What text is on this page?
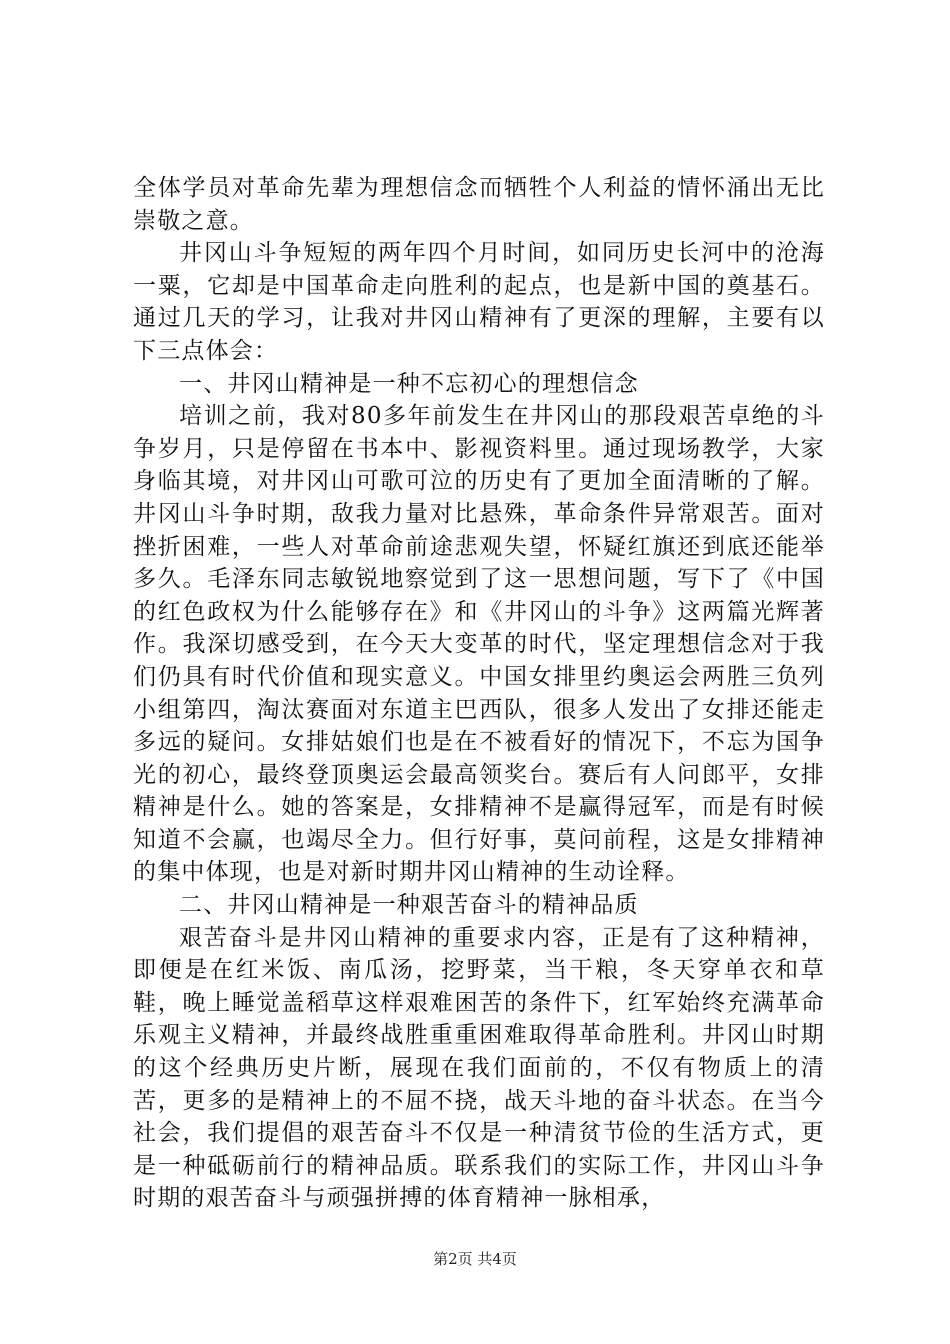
全体学员对革命先辈为理想信念而牺牲个人利益的情怀涌出无比崇敬之意。

井冈山斗争短短的两年四个月时间，如同历史长河中的沧海一粟，它却是中国革命走向胜利的起点，也是新中国的奠基石。通过几天的学习，让我对井冈山精神有了更深的理解，主要有以下三点体会：

一、井冈山精神是一种不忘初心的理想信念

培训之前，我对80多年前发生在井冈山的那段艰苦卓绝的斗争岁月，只是停留在书本中、影视资料里。通过现场教学，大家身临其境，对井冈山可歌可泣的历史有了更加全面清晰的了解。井冈山斗争时期，敌我力量对比悬殊，革命条件异常艰苦。面对挫折困难，一些人对革命前途悲观失望，怀疑红旗还到底还能举多久。毛泽东同志敏锐地察觉到了这一思想问题，写下了《中国的红色政权为什么能够存在》和《井冈山的斗争》这两篇光辉著作。我深切感受到，在今天大变革的时代，坚定理想信念对于我们仍具有时代价值和现实意义。中国女排里约奥运会两胜三负列小组第四，淘汰赛面对东道主巴西队，很多人发出了女排还能走多远的疑问。女排姑娘们也是在不被看好的情况下，不忘为国争光的初心，最终登顶奥运会最高领奖台。赛后有人问郎平，女排精神是什么。她的答案是，女排精神不是赢得冠军，而是有时候知道不会赢，也竭尽全力。但行好事，莫问前程，这是女排精神的集中体现，也是对新时期井冈山精神的生动诠释。

二、井冈山精神是一种艰苦奋斗的精神品质

艰苦奋斗是井冈山精神的重要求内容，正是有了这种精神，即便是在红米饭、南瓜汤，挖野菜，当干粮，冬天穿单衣和草鞋，晚上睡觉盖稻草这样艰难困苦的条件下，红军始终充满革命乐观主义精神，并最终战胜重重困难取得革命胜利。井冈山时期的这个经典历史片断，展现在我们面前的，不仅有物质上的清苦，更多的是精神上的不屈不挠，战天斗地的奋斗状态。在当今社会，我们提倡的艰苦奋斗不仅是一种清贫节俭的生活方式，更是一种砥砺前行的精神品质。联系我们的实际工作，井冈山斗争时期的艰苦奋斗与顽强拼搏的体育精神一脉相承，

第2页 共4页
